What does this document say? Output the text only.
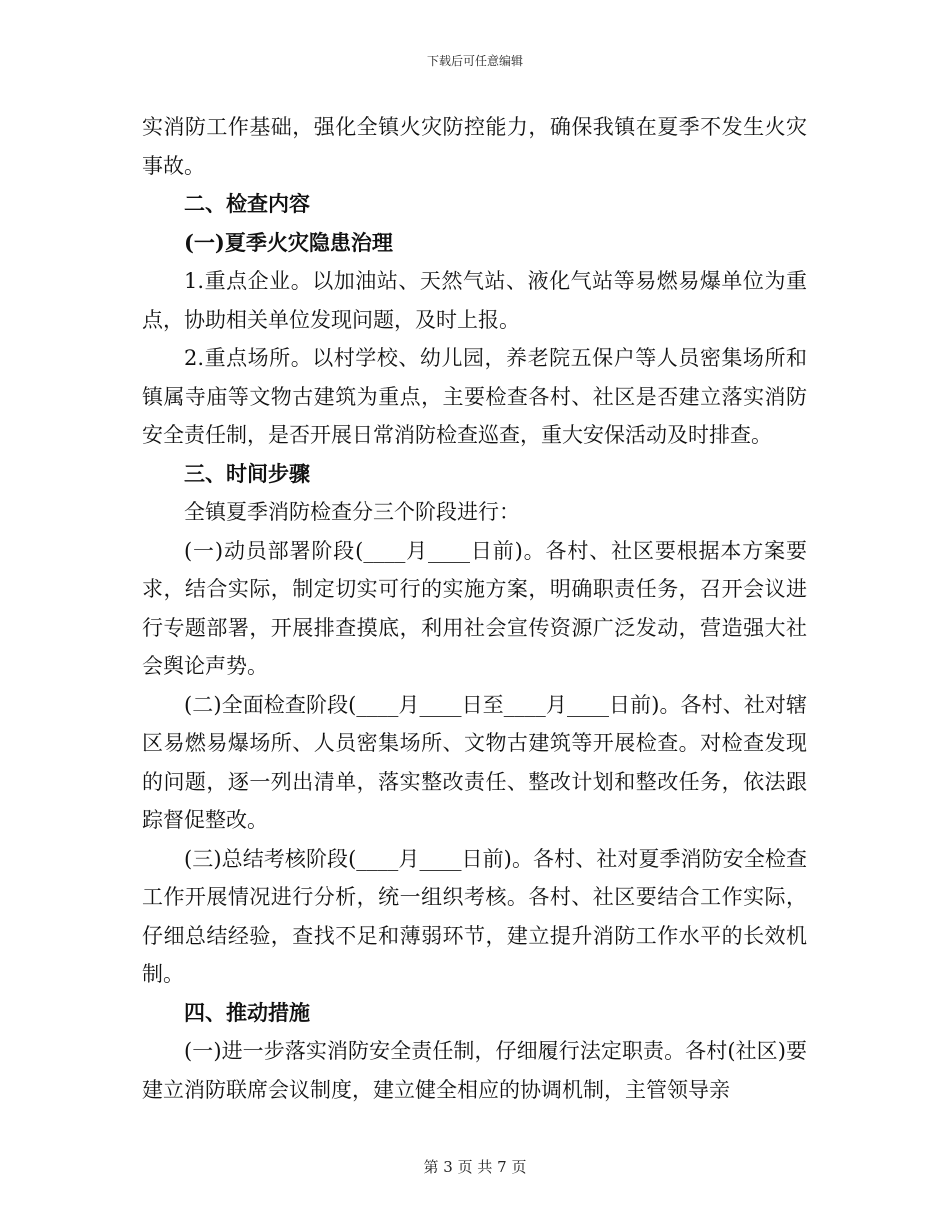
下载后可任意编辑

实消防工作基础，强化全镇火灾防控能力，确保我镇在夏季不发生火灾事故。

二、检查内容

(一)夏季火灾隐患治理

1.重点企业。以加油站、天然气站、液化气站等易燃易爆单位为重点，协助相关单位发现问题，及时上报。

2.重点场所。以村学校、幼儿园，养老院五保户等人员密集场所和镇属寺庙等文物古建筑为重点，主要检查各村、社区是否建立落实消防安全责任制，是否开展日常消防检查巡查，重大安保活动及时排查。

三、时间步骤

全镇夏季消防检查分三个阶段进行：

(一)动员部署阶段(____月____日前)。各村、社区要根据本方案要求，结合实际，制定切实可行的实施方案，明确职责任务，召开会议进行专题部署，开展排查摸底，利用社会宣传资源广泛发动，营造强大社会舆论声势。

(二)全面检查阶段(____月____日至____月____日前)。各村、社对辖区易燃易爆场所、人员密集场所、文物古建筑等开展检查。对检查发现的问题，逐一列出清单，落实整改责任、整改计划和整改任务，依法跟踪督促整改。

(三)总结考核阶段(____月____日前)。各村、社对夏季消防安全检查工作开展情况进行分析，统一组织考核。各村、社区要结合工作实际，仔细总结经验，查找不足和薄弱环节，建立提升消防工作水平的长效机制。

四、推动措施

(一)进一步落实消防安全责任制，仔细履行法定职责。各村(社区)要建立消防联席会议制度，建立健全相应的协调机制，主管领导亲

第 3 页 共 7 页
